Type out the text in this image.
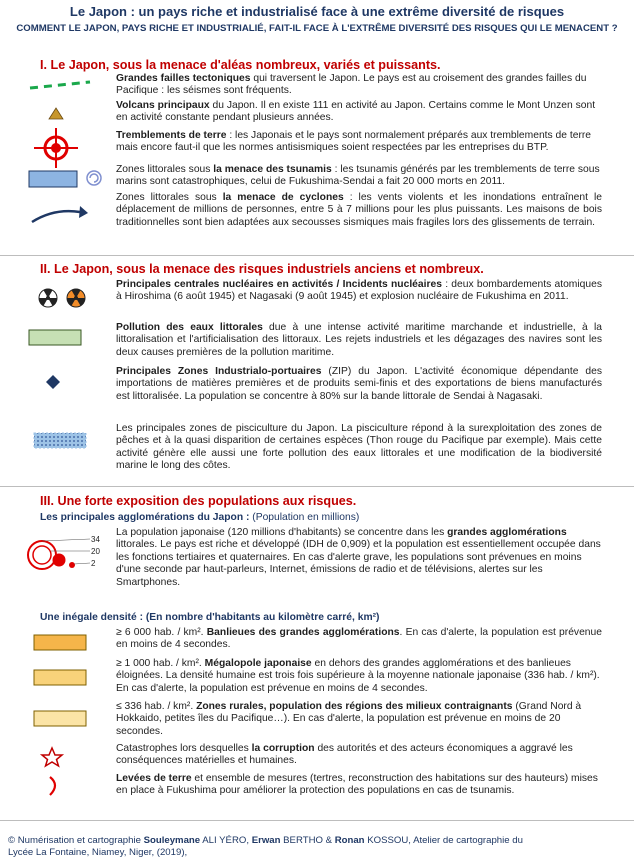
Le Japon : un pays riche et industrialisé face à une extrême diversité de risques
COMMENT LE JAPON, PAYS RICHE ET INDUSTRIALIÉ, FAIT-IL FACE À L'EXTRÊME DIVERSITÉ DES RISQUES QUI LE MENACENT ?
I. Le Japon, sous la menace d'aléas nombreux, variés et puissants.
Grandes failles tectoniques qui traversent le Japon. Le pays est au croisement des grandes failles du Pacifique : les séismes sont fréquents.
Volcans principaux du Japon. Il en existe 111 en activité au Japon. Certains comme le Mont Unzen sont en activité constante pendant plusieurs années.
Tremblements de terre : les Japonais et le pays sont normalement préparés aux tremblements de terre mais encore faut-il que les normes antisismiques soient respectées par les entreprises du BTP.
Zones littorales sous la menace des tsunamis : les tsunamis générés par les tremblements de terre sous marins sont catastrophiques, celui de Fukushima-Sendai a fait 20 000 morts en 2011.
Zones littorales sous la menace de cyclones : les vents violents et les inondations entraînent le déplacement de millions de personnes, entre 5 à 7 millions pour les plus puissants. Les maisons de bois traditionnelles sont bien adaptées aux secousses sismiques mais fragiles lors des glissements de terrain.
II. Le Japon, sous la menace des risques industriels anciens et nombreux.
Principales centrales nucléaires en activités / Incidents nucléaires : deux bombardements atomiques à Hiroshima (6 août 1945) et Nagasaki (9 août 1945) et explosion nucléaire de Fukushima en 2011.
Pollution des eaux littorales due à une intense activité maritime marchande et industrielle, à la littoralisation et l'artificialisation des littoraux. Les rejets industriels et les dégazages des navires sont les deux causes premières de la pollution maritime.
Principales Zones Industrialo-portuaires (ZIP) du Japon. L'activité économique dépendante des importations de matières premières et de produits semi-finis et des exportations de biens manufacturés est littoralisée. La population se concentre à 80% sur la bande littorale de Sendai à Nagasaki.
Les principales zones de pisciculture du Japon. La pisciculture répond à la surexploitation des zones de pêches et à la quasi disparition de certaines espèces (Thon rouge du Pacifique par exemple). Mais cette activité génère elle aussi une forte pollution des eaux littorales et une modification de la biodiversité marine le long des côtes.
III. Une forte exposition des populations aux risques.
Les principales agglomérations du Japon : (Population en millions)
34
20
2
La population japonaise (120 millions d'habitants) se concentre dans les grandes agglomérations littorales. Le pays est riche et développé (IDH de 0,909) et la population est essentiellement occupée dans les fonctions tertiaires et quaternaires. En cas d'alerte grave, les populations sont prévenues en moins d'une seconde par haut-parleurs, Internet, émissions de radio et de télévisions, alertes sur les Smartphones.
Une inégale densité : (En nombre d'habitants au kilomètre carré, km²)
≥ 6 000 hab. / km². Banlieues des grandes agglomérations. En cas d'alerte, la population est prévenue en moins de 4 secondes.
≥ 1 000 hab. / km². Mégalopole japonaise en dehors des grandes agglomérations et des banlieues éloignées. La densité humaine est trois fois supérieure à la moyenne nationale japonaise (336 hab. / km²). En cas d'alerte, la population est prévenue en moins de 4 secondes.
≤ 336 hab. / km². Zones rurales, population des régions des milieux contraignants (Grand Nord à Hokkaido, petites îles du Pacifique…). En cas d'alerte, la population est prévenue en moins de 20 secondes.
Catastrophes lors desquelles la corruption des autorités et des acteurs économiques a aggravé les conséquences matérielles et humaines.
Levées de terre et ensemble de mesures (tertres, reconstruction des habitations sur des hauteurs) mises en place à Fukushima pour améliorer la protection des populations en cas de tsunamis.
© Numérisation et cartographie Souleymane ALI YÉRO, Erwan BERTHO & Ronan KOSSOU, Atelier de cartographie du Lycée La Fontaine, Niamey, Niger, (2019),
